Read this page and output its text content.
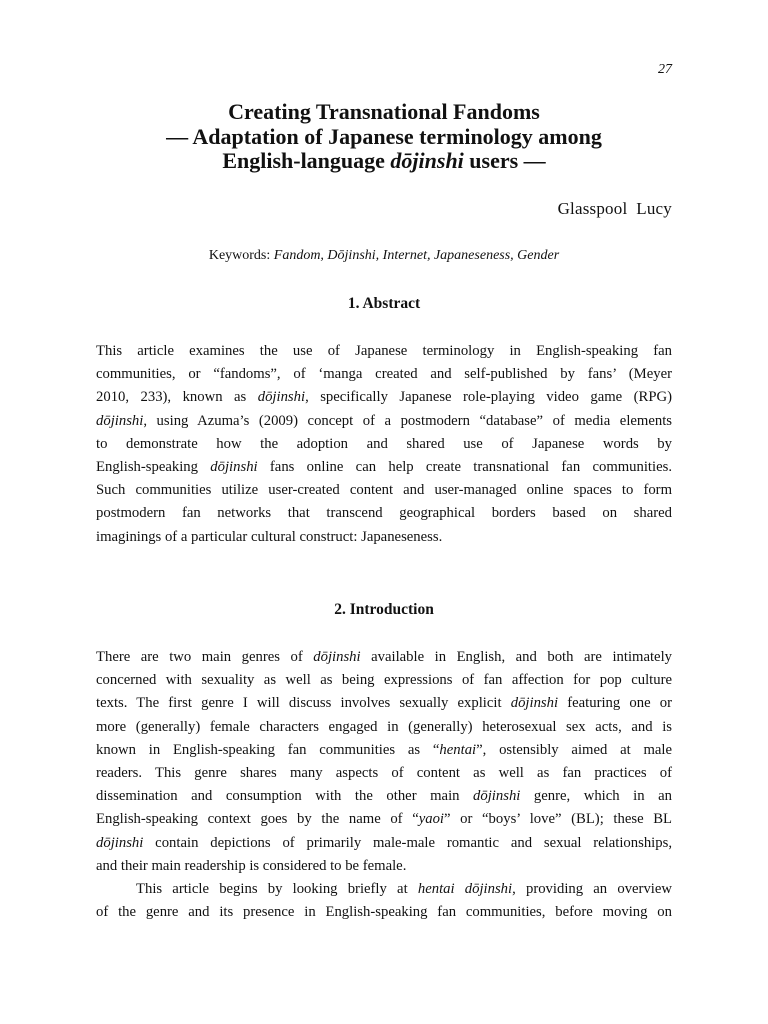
27
Creating Transnational Fandoms
— Adaptation of Japanese terminology among
English-language dōjinshi users —
Glasspool  Lucy
Keywords: Fandom, Dōjinshi, Internet, Japaneseness, Gender
1. Abstract
This article examines the use of Japanese terminology in English-speaking fan
communities, or “fandoms”, of ‘manga created and self-published by fans’ (Meyer
2010, 233), known as dōjinshi, specifically Japanese role-playing video game (RPG)
dōjinshi, using Azuma’s (2009) concept of a postmodern “database” of media elements
to demonstrate how the adoption and shared use of Japanese words by
English-speaking dōjinshi fans online can help create transnational fan communities.
Such communities utilize user-created content and user-managed online spaces to form
postmodern fan networks that transcend geographical borders based on shared
imaginings of a particular cultural construct: Japaneseness.
2. Introduction
There are two main genres of dōjinshi available in English, and both are intimately
concerned with sexuality as well as being expressions of fan affection for pop culture
texts. The first genre I will discuss involves sexually explicit dōjinshi featuring one or
more (generally) female characters engaged in (generally) heterosexual sex acts, and is
known in English-speaking fan communities as “hentai”, ostensibly aimed at male
readers. This genre shares many aspects of content as well as fan practices of
dissemination and consumption with the other main dōjinshi genre, which in an
English-speaking context goes by the name of “yaoi” or “boys’ love” (BL); these BL
dōjinshi contain depictions of primarily male-male romantic and sexual relationships,
and their main readership is considered to be female.
This article begins by looking briefly at hentai dōjinshi, providing an overview
of the genre and its presence in English-speaking fan communities, before moving on
